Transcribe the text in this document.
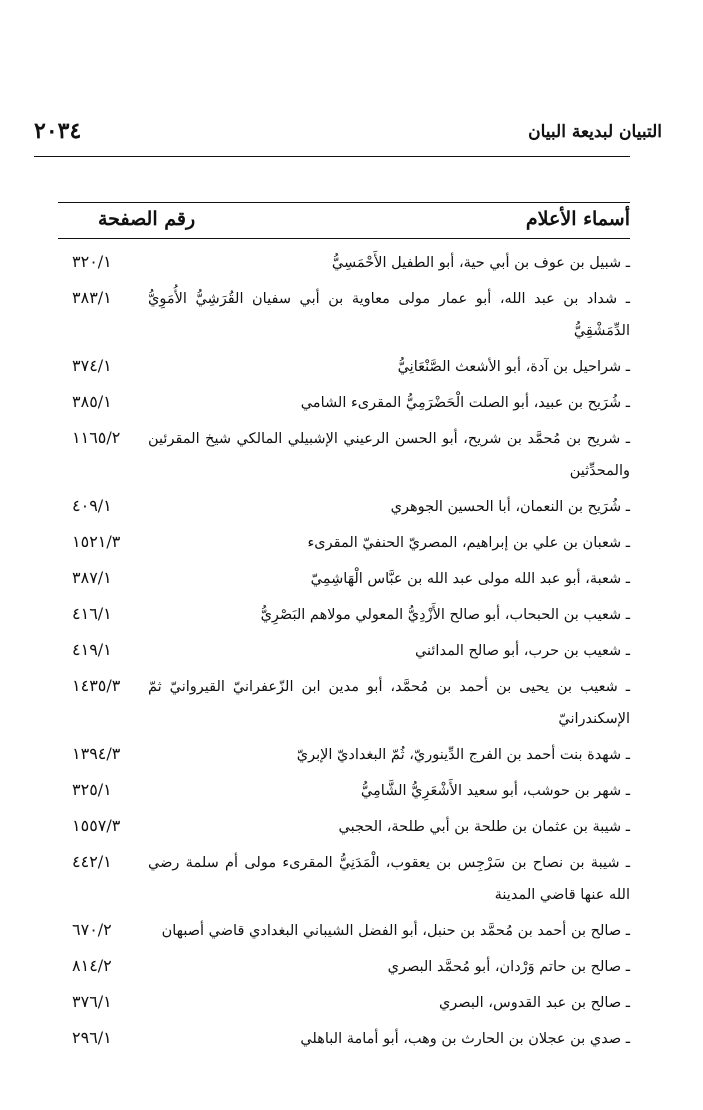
٢٠٣٤	التبيان لبديعة البيان
أسماء الأعلام
رقم الصفحة
٣٢٠/١	ـ شبيل بن عوف بن أبي حية، أبو الطفيل الأَحْمَسِيُّ
٣٨٣/١ ـ شداد بن عبد الله، أبو عمار مولى معاوية بن أبي سفيان القُرَشِيُّ الأُمَوِيُّ الدِّمَشْقِيُّ
٣٧٤/١	ـ شراحيل بن آدة، أبو الأشعث الصَّنْعَانِيُّ
٣٨٥/١	ـ شُرَيح بن عبيد، أبو الصلت الْحَضْرَمِيُّ المقرىء الشامي
١١٦٥/٢ ـ شريح بن مُحمَّد بن شريح، أبو الحسن الرعيني الإشبيلي المالكي شيخ المقرئين والمحدِّثين
٤٠٩/١	ـ شُرَيح بن النعمان، أبا الحسين الجوهري
١٥٢١/٣	ـ شعبان بن علي بن إبراهيم، المصريّ الحنفيّ المقرىء
٣٨٧/١	ـ شعبة، أبو عبد الله مولى عبد الله بن عبَّاس الْهَاشِمِيّ
٤١٦/١	ـ شعيب بن الحبحاب، أبو صالح الأَزْدِيُّ المعولي مولاهم البَصْرِيُّ
٤١٩/١	ـ شعيب بن حرب، أبو صالح المدائني
١٤٣٥/٣ ـ شعيب بن يحيى بن أحمد بن مُحمَّد، أبو مدين ابن الزّعفرانيّ القيروانيّ ثمّ الإسكندرانيّ
١٣٩٤/٣	ـ شهدة بنت أحمد بن الفرج الدِّينوريّ، ثُمّ البغداديّ الإبريّ
٣٢٥/١	ـ شهر بن حوشب، أبو سعيد الأَشْعَرِيُّ الشَّامِيُّ
١٥٥٧/٣	ـ شيبة بن عثمان بن طلحة بن أبي طلحة، الحجبي
٤٤٢/١ ـ شيبة بن نصاح بن سَرْجِس بن يعقوب، الْمَدَنِيُّ المقرىء مولى أم سلمة رضي الله عنها قاضي المدينة
٦٧٠/٢	ـ صالح بن أحمد بن مُحمَّد بن حنبل، أبو الفضل الشيباني البغدادي قاضي أصبهان
٨١٤/٢	ـ صالح بن حاتم وَرْدان، أبو مُحمَّد البصري
٣٧٦/١	ـ صالح بن عبد القدوس، البصري
٢٩٦/١	ـ صدي بن عجلان بن الحارث بن وهب، أبو أمامة الباهلي
